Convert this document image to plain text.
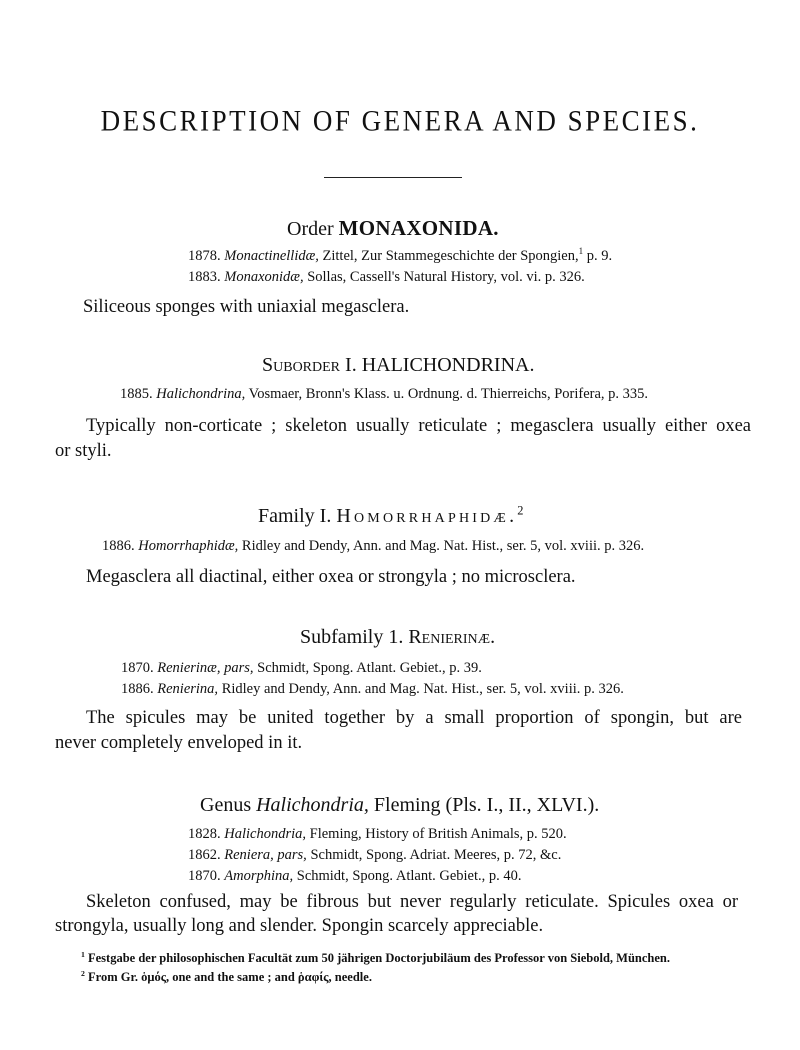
DESCRIPTION OF GENERA AND SPECIES.
Order MONAXONIDA.
1878. Monactinellidæ, Zittel, Zur Stammegeschichte der Spongien,$^1$ p. 9.
1883. Monaxonidæ, Sollas, Cassell's Natural History, vol. vi. p. 326.
Siliceous sponges with uniaxial megasclera.
Suborder I. HALICHONDRINA.
1885. Halichondrina, Vosmaer, Bronn's Klass. u. Ordnung. d. Thierreichs, Porifera, p. 335.
Typically non-corticate ; skeleton usually reticulate ; megasclera usually either oxea
or styli.
Family I. Homorrhaphidæ.$^2$
1886. Homorrhaphidæ, Ridley and Dendy, Ann. and Mag. Nat. Hist., ser. 5, vol. xviii. p. 326.
Megasclera all diactinal, either oxea or strongyla ; no microsclera.
Subfamily 1. Renierinæ.
1870. Renierinæ, pars, Schmidt, Spong. Atlant. Gebiet., p. 39.
1886. Renierina, Ridley and Dendy, Ann. and Mag. Nat. Hist., ser. 5, vol. xviii. p. 326.
The spicules may be united together by a small proportion of spongin, but are
never completely enveloped in it.
Genus Halichondria, Fleming (Pls. I., II., XLVI.).
1828. Halichondria, Fleming, History of British Animals, p. 520.
1862. Reniera, pars, Schmidt, Spong. Adriat. Meeres, p. 72, &c.
1870. Amorphina, Schmidt, Spong. Atlant. Gebiet., p. 40.
Skeleton confused, may be fibrous but never regularly reticulate. Spicules oxea or
strongyla, usually long and slender. Spongin scarcely appreciable.
$^1$ Festgabe der philosophischen Facultät zum 50 jährigen Doctorjubiläum des Professor von Siebold, München.
$^2$ From Gr. ὁμός, one and the same ; and ῥαφίς, needle.
